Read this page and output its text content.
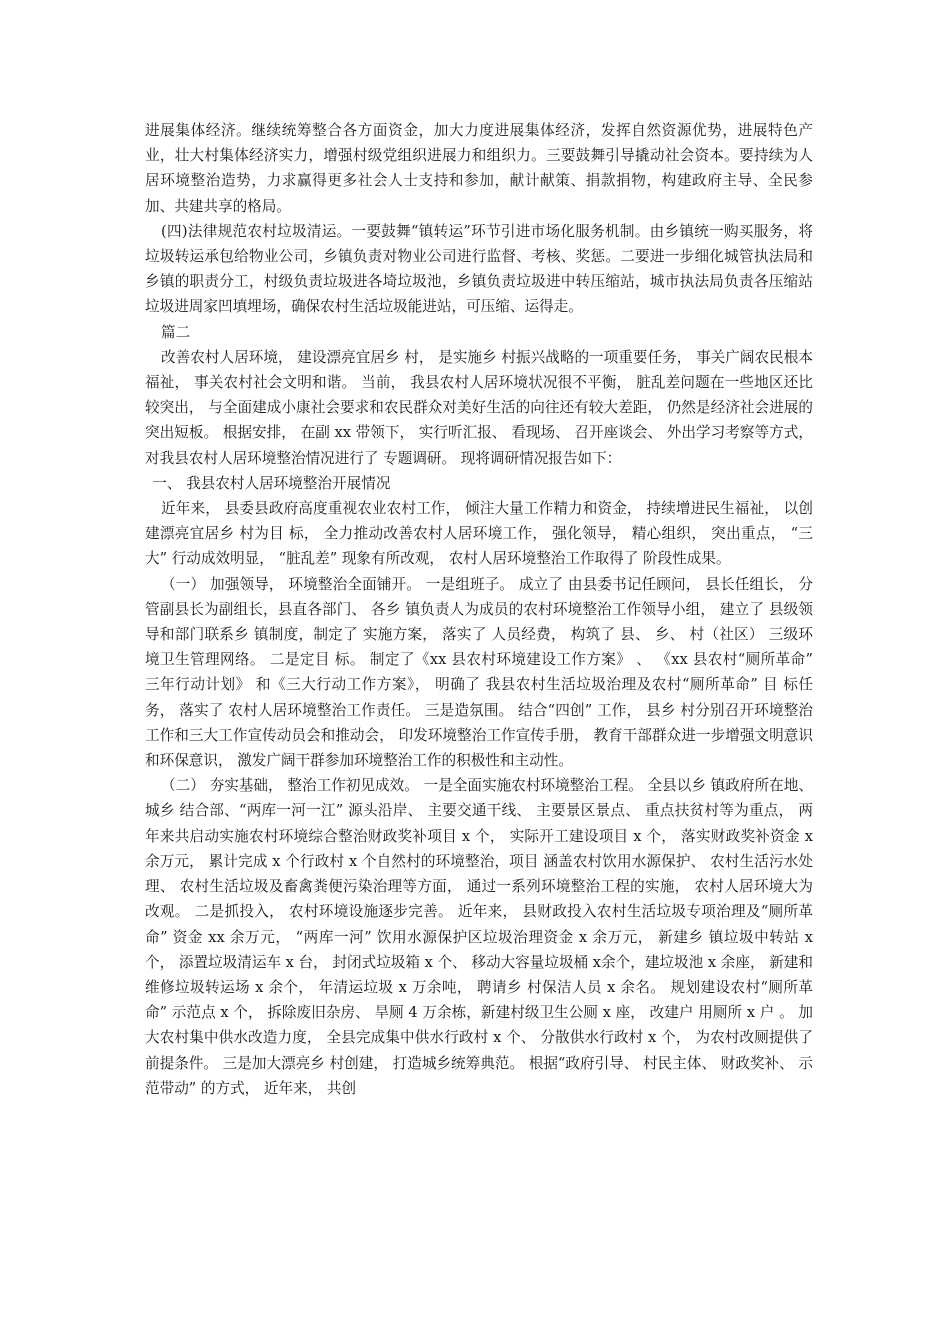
进展集体经济。继续统筹整合各方面资金，加大力度进展集体经济，发挥自然资源优势，进展特色产业，壮大村集体经济实力，增强村级党组织进展力和组织力。三要鼓舞引导撬动社会资本。要持续为人居环境整治造势，力求赢得更多社会人士支持和参加，献计献策、捐款捐物，构建政府主导、全民参加、共建共享的格局。

(四)法律规范农村垃圾清运。一要鼓舞“镇转运”环节引进市场化服务机制。由乡镇统一购买服务，将垃圾转运承包给物业公司，乡镇负责对物业公司进行监督、考核、奖惩。二要进一步细化城管执法局和乡镇的职责分工，村级负责垃圾进各埼垃圾池，乡镇负责垃圾进中转压缩站，城市执法局负责各压缩站垃圾进周家凹填埋场，确保农村生活垃圾能进站，可压缩、运得走。

篇二

改善农村人居环境， 建设漂亮宜居乡 村， 是实施乡 村振兴战略的一项重要任务， 事关广阔农民根本福祉， 事关农村社会文明和谐。 当前， 我县农村人居环境状况很不平衡， 脏乱差问题在一些地区还比较突出， 与全面建成小康社会要求和农民群众对美好生活的向往还有较大差距， 仍然是经济社会进展的突出短板。 根据安排， 在副 xx 带领下， 实行听汇报、 看现场、 召开座谈会、 外出学习考察等方式， 对我县农村人居环境整治情况进行了 专题调研。 现将调研情况报告如下：

一、 我县农村人居环境整治开展情况

近年来， 县委县政府高度重视农业农村工作， 倾注大量工作精力和资金， 持续增进民生福祉， 以创建漂亮宜居乡 村为目 标， 全力推动改善农村人居环境工作， 强化领导， 精心组织， 突出重点， “三大” 行动成效明显， “脏乱差” 现象有所改观， 农村人居环境整治工作取得了 阶段性成果。

（一） 加强领导， 环境整治全面铺开。 一是组班子。 成立了 由县委书记任顾问， 县长任组长， 分管副县长为副组长，县直各部门、 各乡 镇负责人为成员的农村环境整治工作领导小组， 建立了 县级领导和部门联系乡 镇制度，制定了 实施方案， 落实了 人员经费， 构筑了 县、 乡、 村（社区） 三级环境卫生管理网络。 二是定目 标。 制定了《xx 县农村环境建设工作方案》 、 《xx 县农村“厕所革命” 三年行动计划》 和《三大行动工作方案》， 明确了 我县农村生活垃圾治理及农村“厕所革命” 目 标任务， 落实了 农村人居环境整治工作责任。 三是造氛围。 结合“四创” 工作， 县乡 村分别召开环境整治工作和三大工作宣传动员会和推动会， 印发环境整治工作宣传手册， 教育干部群众进一步增强文明意识和环保意识， 激发广阔干群参加环境整治工作的积极性和主动性。

（二） 夯实基础， 整治工作初见成效。 一是全面实施农村环境整治工程。 全县以乡 镇政府所在地、 城乡 结合部、“两库一河一江” 源头沿岸、 主要交通干线、 主要景区景点、 重点扶贫村等为重点， 两年来共启动实施农村环境综合整治财政奖补项目 x 个， 实际开工建设项目 x 个， 落实财政奖补资金 x 余万元， 累计完成 x 个行政村 x 个自然村的环境整治，项目 涵盖农村饮用水源保护、 农村生活污水处理、 农村生活垃圾及畜禽粪便污染治理等方面， 通过一系列环境整治工程的实施， 农村人居环境大为改观。 二是抓投入， 农村环境设施逐步完善。 近年来， 县财政投入农村生活垃圾专项治理及“厕所革命” 资金 xx 余万元， “两库一河” 饮用水源保护区垃圾治理资金 x 余万元， 新建乡 镇垃圾中转站 x 个， 添置垃圾清运车 x 台， 封闭式垃圾箱 x 个、 移动大容量垃圾桶 x余个，建垃圾池 x 余座， 新建和维修垃圾转运场 x 余个， 年清运垃圾 x 万余吨， 聘请乡 村保洁人员 x 余名。 规划建设农村“厕所革命” 示范点 x 个， 拆除废旧杂房、 旱厕 4 万余栋，新建村级卫生公厕 x 座， 改建户 用厕所 x 户 。 加大农村集中供水改造力度， 全县完成集中供水行政村 x 个、 分散供水行政村 x 个， 为农村改厕提供了 前提条件。 三是加大漂亮乡 村创建， 打造城乡统筹典范。 根据“政府引导、 村民主体、 财政奖补、 示范带动” 的方式， 近年来， 共创
